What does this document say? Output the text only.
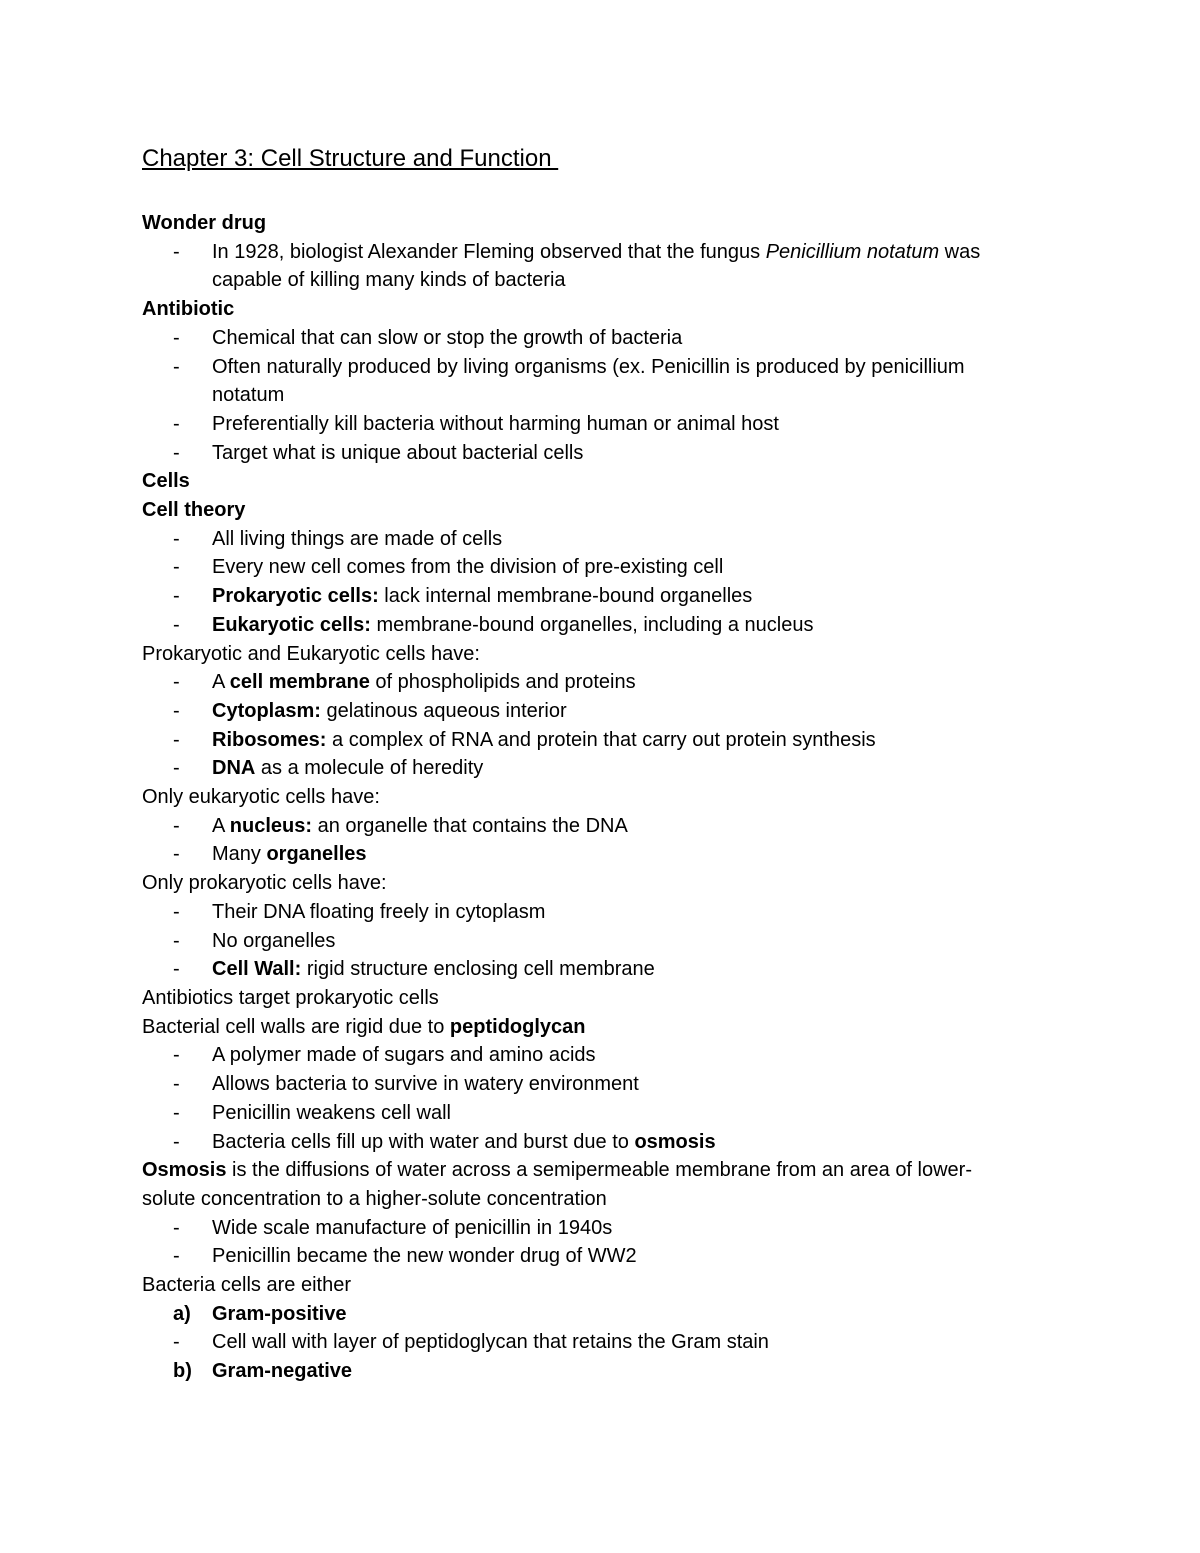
Chapter 3: Cell Structure and Function
Wonder drug
- In 1928, biologist Alexander Fleming observed that the fungus Penicillium notatum was
capable of killing many kinds of bacteria
Antibiotic
- Chemical that can slow or stop the growth of bacteria
- Often naturally produced by living organisms (ex. Penicillin is produced by penicillium
notatum
- Preferentially kill bacteria without harming human or animal host
- Target what is unique about bacterial cells
Cells
Cell theory
- All living things are made of cells
- Every new cell comes from the division of pre-existing cell
- Prokaryotic cells: lack internal membrane-bound organelles
- Eukaryotic cells: membrane-bound organelles, including a nucleus
Prokaryotic and Eukaryotic cells have:
- A cell membrane of phospholipids and proteins
- Cytoplasm: gelatinous aqueous interior
- Ribosomes: a complex of RNA and protein that carry out protein synthesis
- DNA as a molecule of heredity
Only eukaryotic cells have:
- A nucleus: an organelle that contains the DNA
- Many organelles
Only prokaryotic cells have:
- Their DNA floating freely in cytoplasm
- No organelles
- Cell Wall: rigid structure enclosing cell membrane
Antibiotics target prokaryotic cells
Bacterial cell walls are rigid due to peptidoglycan
- A polymer made of sugars and amino acids
- Allows bacteria to survive in watery environment
- Penicillin weakens cell wall
- Bacteria cells fill up with water and burst due to osmosis
Osmosis is the diffusions of water across a semipermeable membrane from an area of lower-
solute concentration to a higher-solute concentration
- Wide scale manufacture of penicillin in 1940s
- Penicillin became the new wonder drug of WW2
Bacteria cells are either
a) Gram-positive
- Cell wall with layer of peptidoglycan that retains the Gram stain
b) Gram-negative
